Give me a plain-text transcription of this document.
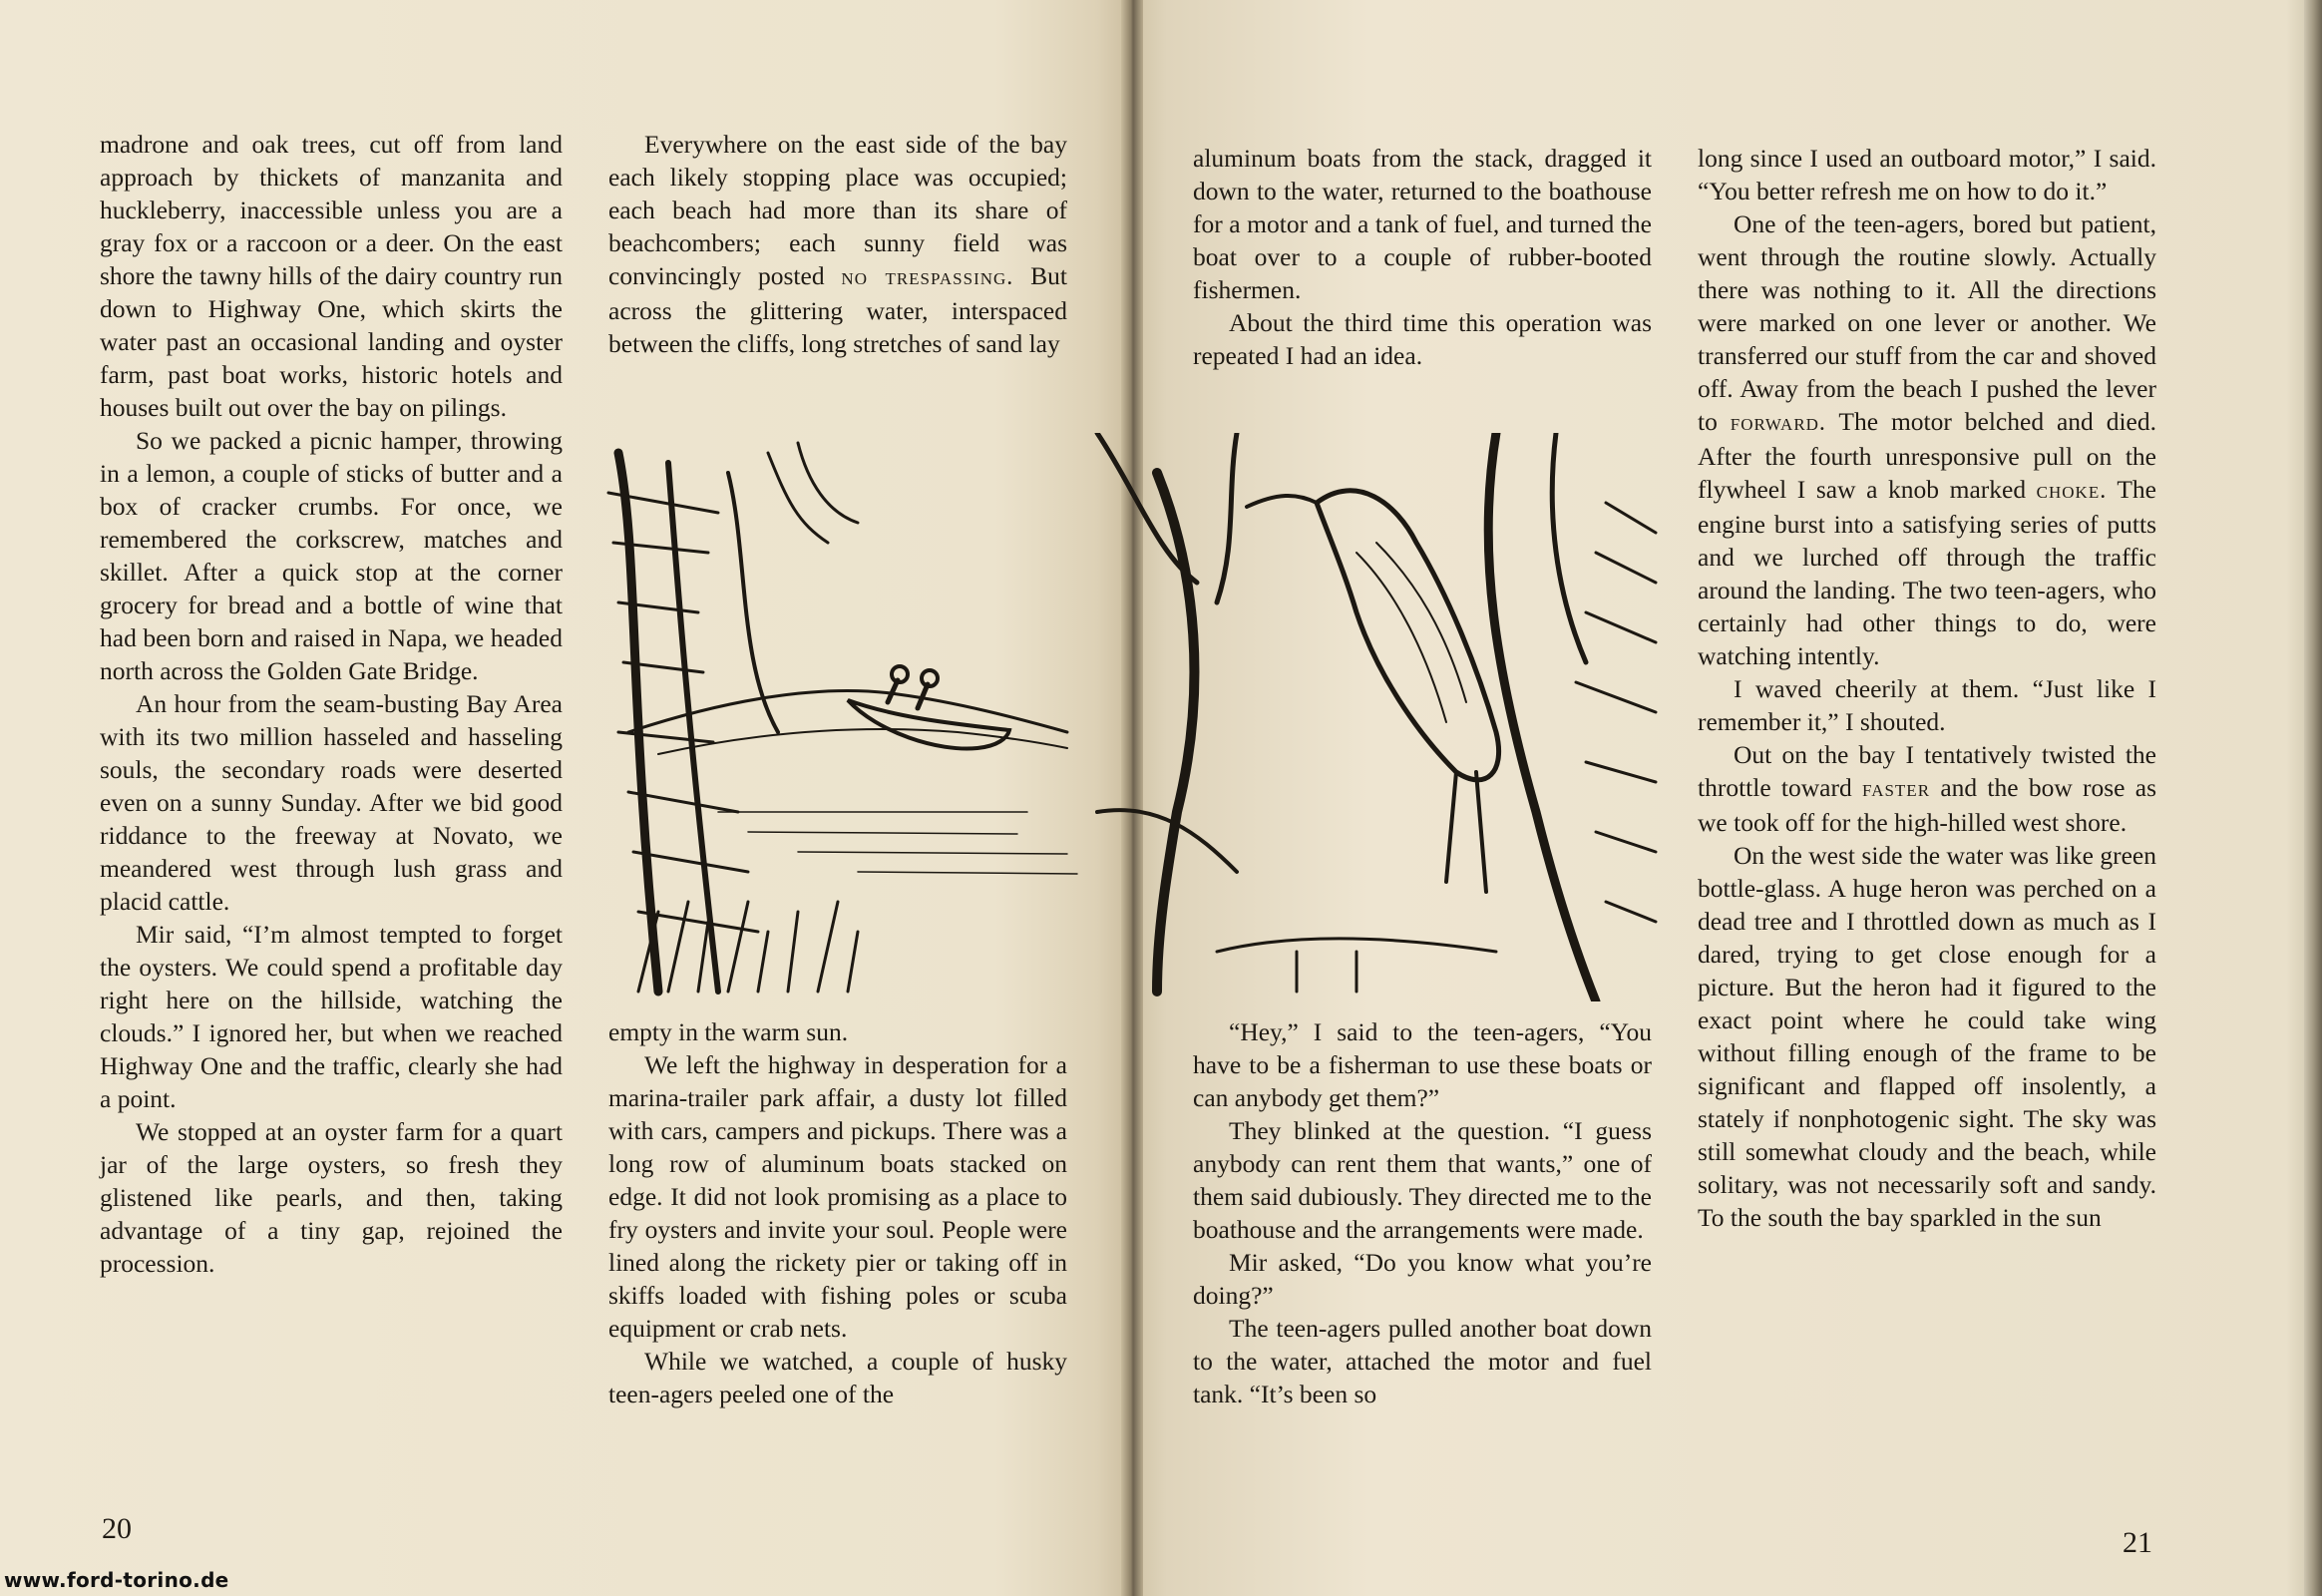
madrone and oak trees, cut off from land approach by thickets of manzanita and huckleberry, inaccessible unless you are a gray fox or a raccoon or a deer. On the east shore the tawny hills of the dairy country run down to Highway One, which skirts the water past an occasional landing and oyster farm, past boat works, historic hotels and houses built out over the bay on pilings.

So we packed a picnic hamper, throwing in a lemon, a couple of sticks of butter and a box of cracker crumbs. For once, we remembered the corkscrew, matches and skillet. After a quick stop at the corner grocery for bread and a bottle of wine that had been born and raised in Napa, we headed north across the Golden Gate Bridge.

An hour from the seam-busting Bay Area with its two million hasseled and hasseling souls, the secondary roads were deserted even on a sunny Sunday. After we bid good riddance to the freeway at Novato, we meandered west through lush grass and placid cattle.

Mir said, “I’m almost tempted to forget the oysters. We could spend a profitable day right here on the hillside, watching the clouds.” I ignored her, but when we reached Highway One and the traffic, clearly she had a point.

We stopped at an oyster farm for a quart jar of the large oysters, so fresh they glistened like pearls, and then, taking advantage of a tiny gap, rejoined the procession.

Everywhere on the east side of the bay each likely stopping place was occupied; each beach had more than its share of beachcombers; each sunny field was convincingly posted no trespassing. But across the glittering water, interspaced between the cliffs, long stretches of sand lay

empty in the warm sun.

We left the highway in desperation for a marina-trailer park affair, a dusty lot filled with cars, campers and pickups. There was a long row of aluminum boats stacked on edge. It did not look promising as a place to fry oysters and invite your soul. People were lined along the rickety pier or taking off in skiffs loaded with fishing poles or scuba equipment or crab nets.

While we watched, a couple of husky teen-agers peeled one of the

aluminum boats from the stack, dragged it down to the water, returned to the boathouse for a motor and a tank of fuel, and turned the boat over to a couple of rubber-booted fishermen.

About the third time this operation was repeated I had an idea.

“Hey,” I said to the teen-agers, “You have to be a fisherman to use these boats or can anybody get them?”

They blinked at the question. “I guess anybody can rent them that wants,” one of them said dubiously. They directed me to the boathouse and the arrangements were made.

Mir asked, “Do you know what you’re doing?”

The teen-agers pulled another boat down to the water, attached the motor and fuel tank. “It’s been so

long since I used an outboard motor,” I said. “You better refresh me on how to do it.”

One of the teen-agers, bored but patient, went through the routine slowly. Actually there was nothing to it. All the directions were marked on one lever or another. We transferred our stuff from the car and shoved off. Away from the beach I pushed the lever to forward. The motor belched and died. After the fourth unresponsive pull on the flywheel I saw a knob marked choke. The engine burst into a satisfying series of putts and we lurched off through the traffic around the landing. The two teen-agers, who certainly had other things to do, were watching intently.

I waved cheerily at them. “Just like I remember it,” I shouted.

Out on the bay I tentatively twisted the throttle toward faster and the bow rose as we took off for the high-hilled west shore.

On the west side the water was like green bottle-glass. A huge heron was perched on a dead tree and I throttled down as much as I dared, trying to get close enough for a picture. But the heron had it figured to the exact point where he could take wing without filling enough of the frame to be significant and flapped off insolently, a stately if nonphotogenic sight. The sky was still somewhat cloudy and the beach, while solitary, was not necessarily soft and sandy. To the south the bay sparkled in the sun

20	21
www.ford-torino.de
